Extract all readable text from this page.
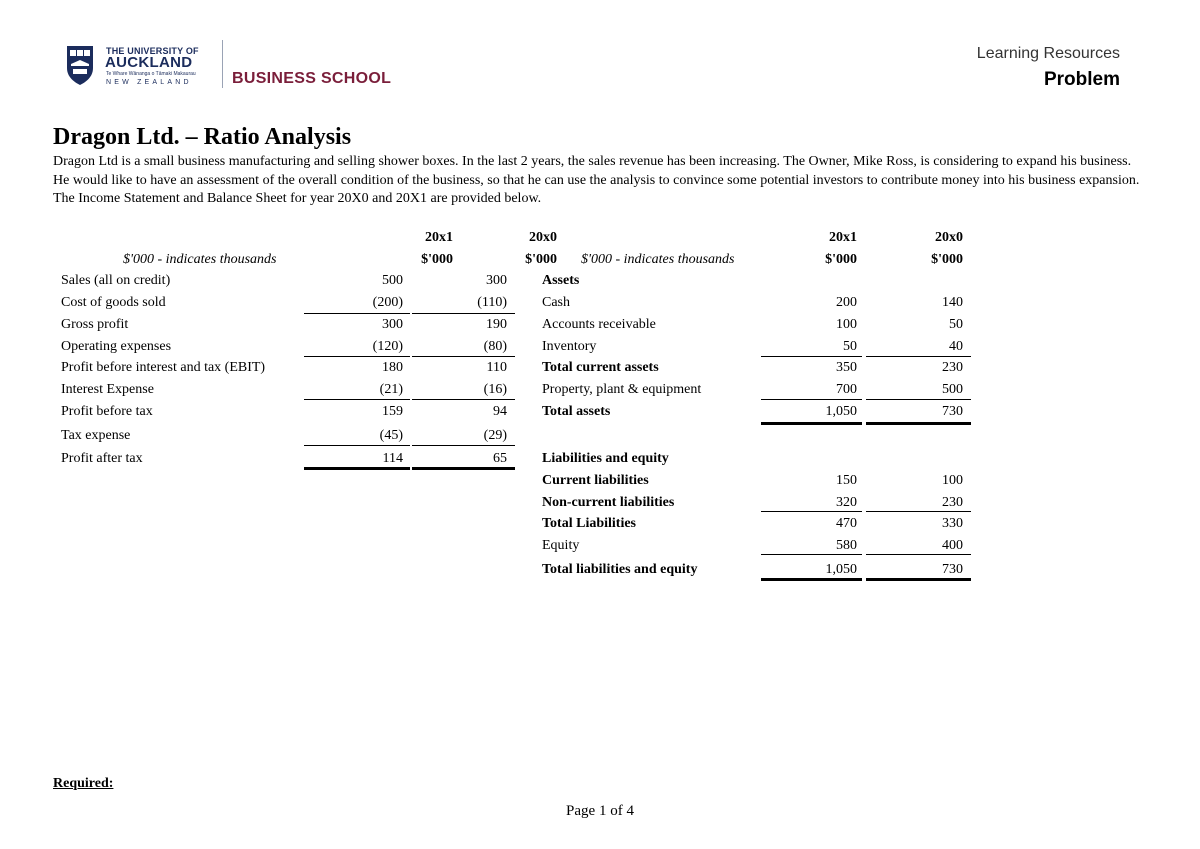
THE UNIVERSITY OF
AUCKLAND
Te Whare Wānanga o Tāmaki Makaurau
NEW ZEALAND	BUSINESS SCHOOL
Learning Resources
Problem
Dragon Ltd. – Ratio Analysis
Dragon Ltd is a small business manufacturing and selling shower boxes. In the last 2 years, the sales revenue has been increasing. The Owner, Mike Ross, is considering to expand his business. He would like to have an assessment of the overall condition of the business, so that he can use the analysis to convince some potential investors to contribute money into his business expansion. The Income Statement and Balance Sheet for year 20X0 and 20X1 are provided below.
20x1	20x0
$'000 - indicates thousands	$'000	$'000
Sales (all on credit)	500	300
Cost of goods sold	(200)	(110)
Gross profit	300	190
Operating expenses	(120)	(80)
Profit before interest and tax (EBIT)	180	110
Interest Expense	(21)	(16)
Profit before tax	159	94
Tax expense	(45)	(29)
Profit after tax	114	65
20x1	20x0
$'000 - indicates thousands	$'000	$'000
Assets
Cash	200	140
Accounts receivable	100	50
Inventory	50	40
Total current assets	350	230
Property, plant & equipment	700	500
Total assets	1,050	730
Liabilities and equity
Current liabilities	150	100
Non-current liabilities	320	230
Total Liabilities	470	330
Equity	580	400
Total liabilities and equity	1,050	730
Required:
Page 1 of 4
